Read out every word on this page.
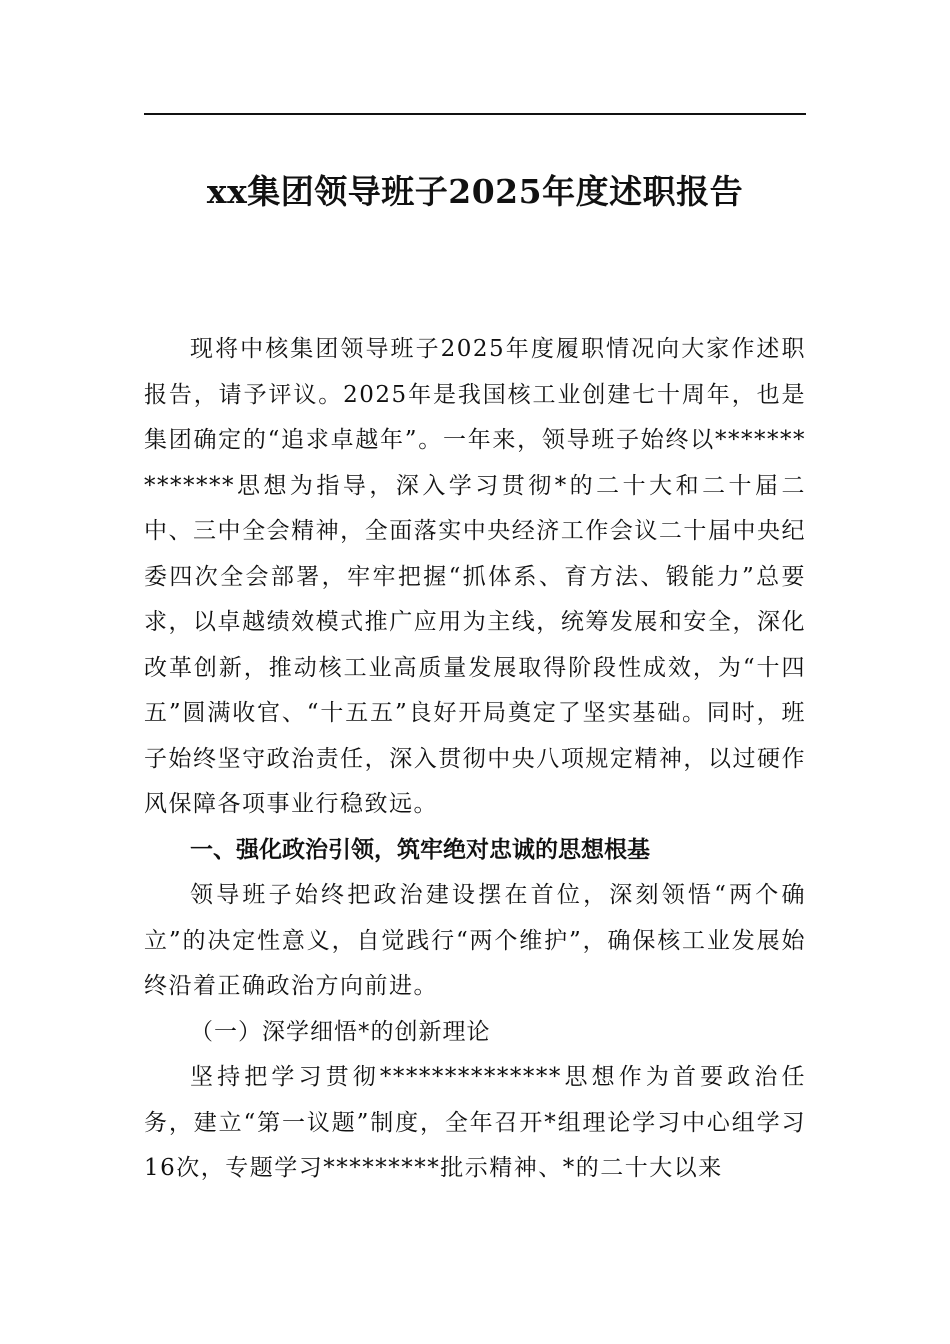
xx集团领导班子2025年度述职报告

现将中核集团领导班子2025年度履职情况向大家作述职报告，请予评议。2025年是我国核工业创建七十周年，也是集团确定的“追求卓越年”。一年来，领导班子始终以**************思想为指导，深入学习贯彻*的二十大和二十届二中、三中全会精神，全面落实中央经济工作会议二十届中央纪委四次全会部署，牢牢把握“抓体系、育方法、锻能力”总要求，以卓越绩效模式推广应用为主线，统筹发展和安全，深化改革创新，推动核工业高质量发展取得阶段性成效，为“十四五”圆满收官、“十五五”良好开局奠定了坚实基础。同时，班子始终坚守政治责任，深入贯彻中央八项规定精神，以过硬作风保障各项事业行稳致远。

一、强化政治引领，筑牢绝对忠诚的思想根基

领导班子始终把政治建设摆在首位，深刻领悟“两个确立”的决定性意义，自觉践行“两个维护”，确保核工业发展始终沿着正确政治方向前进。

（一）深学细悟*的创新理论

坚持把学习贯彻**************思想作为首要政治任务，建立“第一议题”制度，全年召开*组理论学习中心组学习16次，专题学习*********批示精神、*的二十大以来
